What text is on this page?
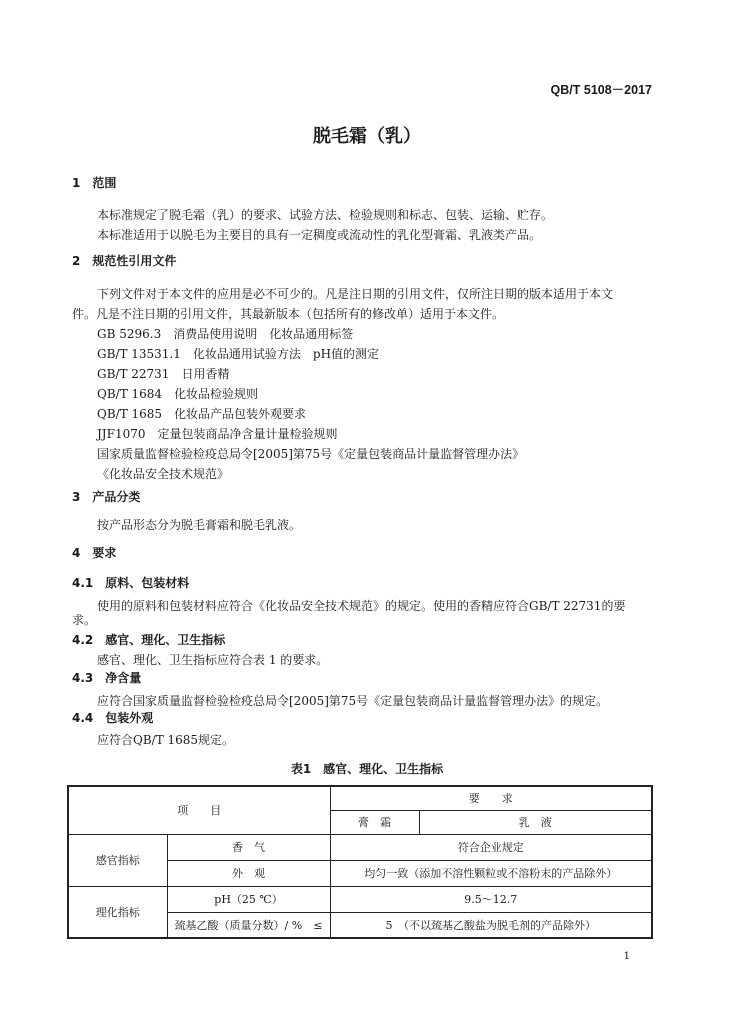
QB/T 5108－2017
脱毛霜（乳）
1　范围
本标准规定了脱毛霜（乳）的要求、试验方法、检验规则和标志、包装、运输、贮存。
本标准适用于以脱毛为主要目的具有一定稠度或流动性的乳化型膏霜、乳液类产品。
2　规范性引用文件
下列文件对于本文件的应用是必不可少的。凡是注日期的引用文件，仅所注日期的版本适用于本文
件。凡是不注日期的引用文件，其最新版本（包括所有的修改单）适用于本文件。
GB 5296.3　消费品使用说明　化妆品通用标签
GB/T 13531.1　化妆品通用试验方法　pH值的测定
GB/T 22731　日用香精
QB/T 1684　化妆品检验规则
QB/T 1685　化妆品产品包装外观要求
JJF1070　定量包装商品净含量计量检验规则
国家质量监督检验检疫总局令[2005]第75号《定量包装商品计量监督管理办法》
《化妆品安全技术规范》
3　产品分类
按产品形态分为脱毛膏霜和脱毛乳液。
4　要求
4.1　原料、包装材料
使用的原料和包装材料应符合《化妆品安全技术规范》的规定。使用的香精应符合GB/T 22731的要
求。
4.2　感官、理化、卫生指标
感官、理化、卫生指标应符合表 1 的要求。
4.3　净含量
应符合国家质量监督检验检疫总局令[2005]第75号《定量包装商品计量监督管理办法》的规定。
4.4　包装外观
应符合QB/T 1685规定。
表1　感官、理化、卫生指标
项　　目		要　　求	
		膏　霜	乳　液
感官指标	香　气	符合企业规定	
	外　观	均匀一致（添加不溶性颗粒或不溶粉末的产品除外）	
理化指标	pH（25 ℃）	9.5～12.7	
	巯基乙酸（质量分数）/ %　≤	5　（不以巯基乙酸盐为脱毛剂的产品除外）	
1
